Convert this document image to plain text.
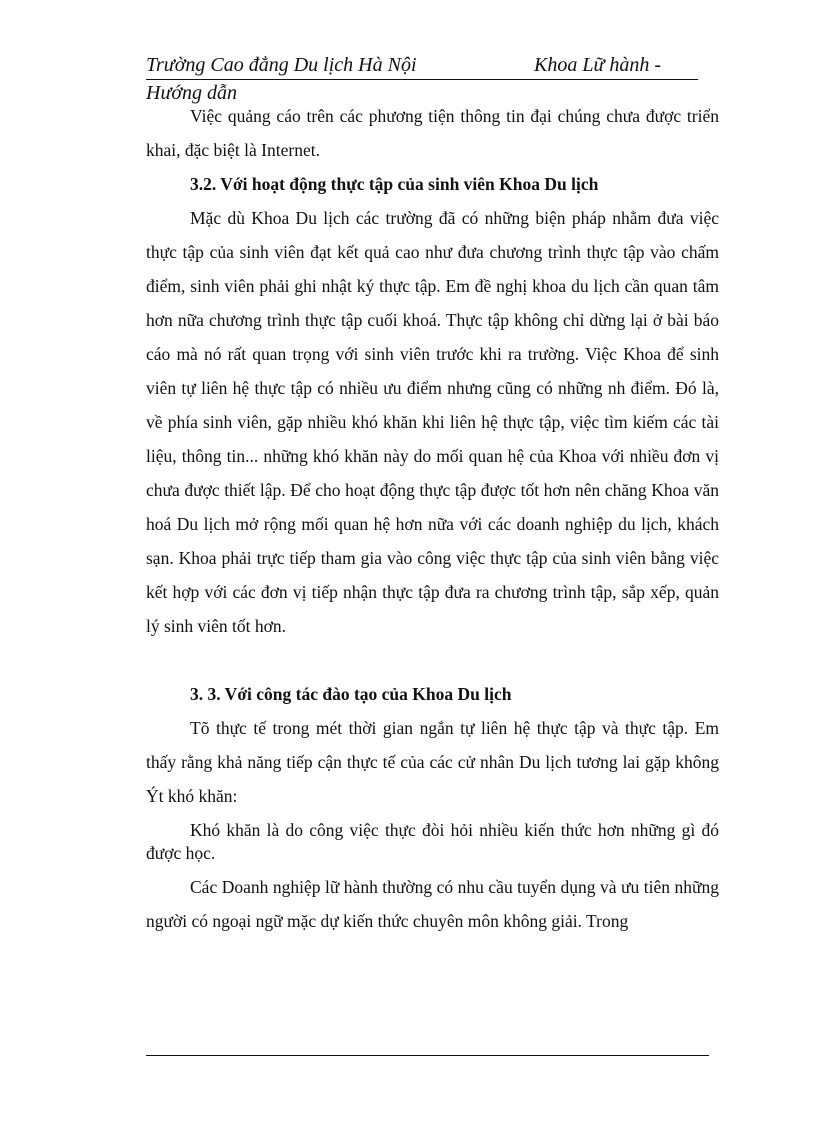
Trường Cao đẳng Du lịch Hà Nội	Khoa Lữ hành -
Hướng dẫn

Việc quảng cáo trên các phương tiện thông tin đại chúng chưa được triển khai, đặc biệt là Internet.

3.2. Với hoạt động thực tập của sinh viên Khoa Du lịch

Mặc dù Khoa Du lịch các trường đã có những biện pháp nhằm đưa việc thực tập của sinh viên đạt kết quả cao như đưa chương trình thực tập vào chấm điểm, sinh viên phải ghi nhật ký thực tập. Em đề nghị khoa du lịch cần quan tâm hơn nữa chương trình thực tập cuối khoá. Thực tập không chỉ dừng lại ở bài báo cáo mà nó rất quan trọng với sinh viên trước khi ra trường. Việc Khoa để sinh viên tự liên hệ thực tập có nhiều ưu điểm nhưng cũng có những nh điểm. Đó là, về phía sinh viên, gặp nhiều khó khăn khi liên hệ thực tập, việc tìm kiếm các tài liệu, thông tin... những khó khăn này do mối quan hệ của Khoa với nhiều đơn vị chưa được thiết lập. Để cho hoạt động thực tập được tốt hơn nên chăng Khoa văn hoá Du lịch mở rộng mối quan hệ hơn nữa với các doanh nghiệp du lịch, khách sạn. Khoa phải trực tiếp tham gia vào công việc thực tập của sinh viên bằng việc kết hợp với các đơn vị tiếp nhận thực tập đưa ra chương trình tập, sắp xếp, quản lý sinh viên tốt hơn.

3. 3. Với công tác đào tạo của Khoa Du lịch

Tõ thực tế trong mét thời gian ngắn tự liên hệ thực tập và thực tập. Em thấy rằng khả năng tiếp cận thực tế của các cử nhân Du lịch tương lai gặp không Ýt khó khăn:

Khó khăn là do công việc thực đòi hỏi nhiều kiến thức hơn những gì đó được học.

Các Doanh nghiệp lữ hành thường có nhu cầu tuyển dụng và ưu tiên những người có ngoại ngữ mặc dự kiến thức chuyên môn không giải. Trong
